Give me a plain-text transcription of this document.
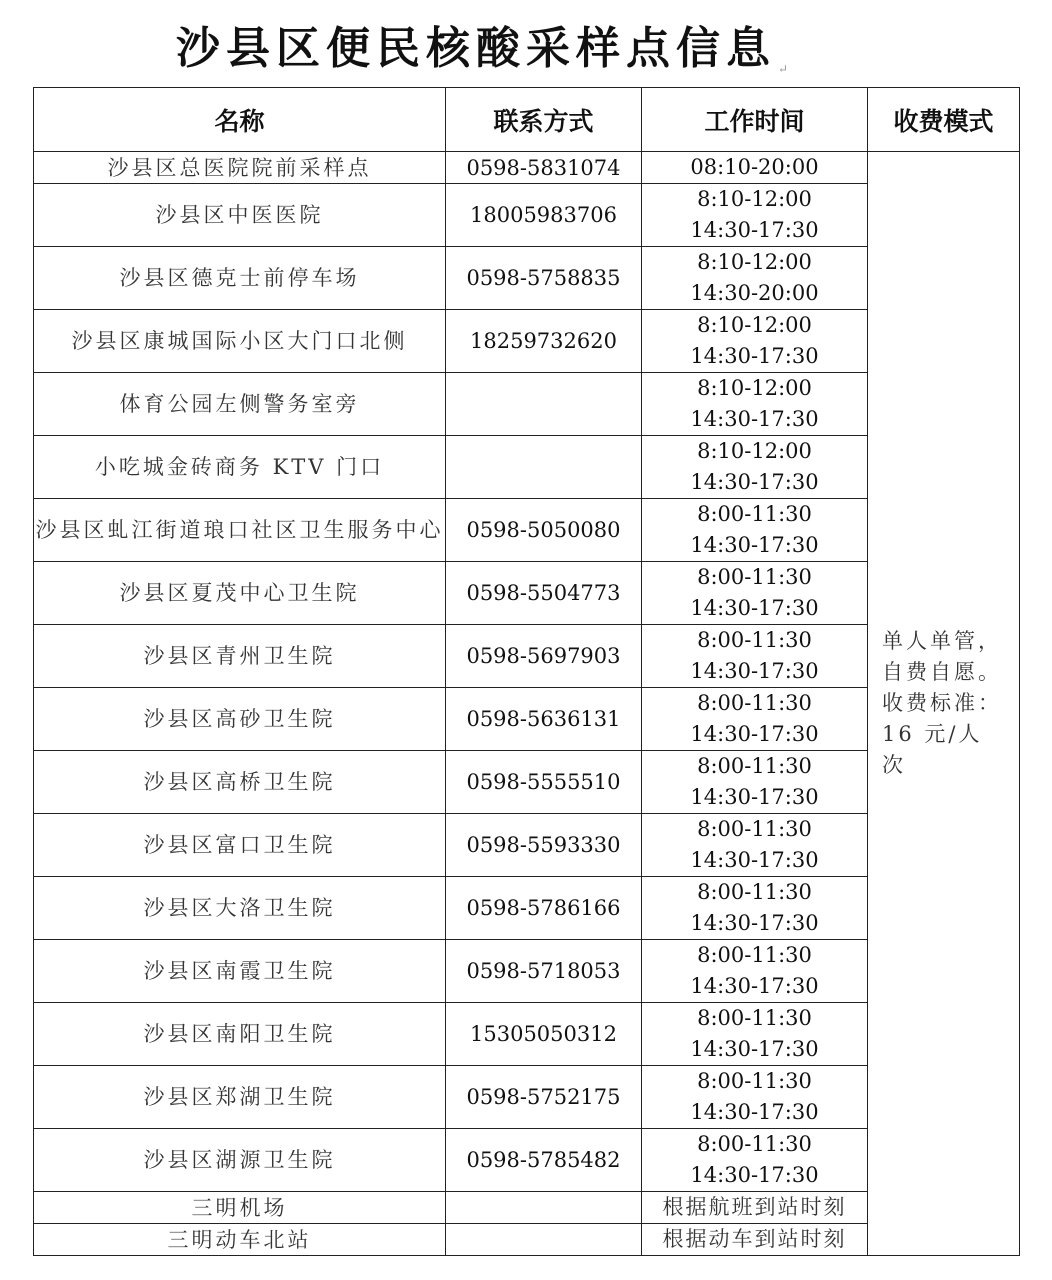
沙县区便民核酸采样点信息 ↵
名称	联系方式	工作时间	收费模式
沙县区总医院院前采样点	0598-5831074	08:10-20:00	单人单管，自费自愿。收费标准：16 元/人次

沙县区中医医院	18005983706	8:10-12:00
14:30-17:30	

沙县区德克士前停车场	0598-5758835	8:10-12:00
14:30-20:00	

沙县区康城国际小区大门口北侧	18259732620	8:10-12:00
14:30-17:30	

体育公园左侧警务室旁		8:10-12:00
14:30-17:30	

小吃城金砖商务 KTV 门口		8:10-12:00
14:30-17:30	

沙县区虬江街道琅口社区卫生服务中心	0598-5050080	8:00-11:30
14:30-17:30	

沙县区夏茂中心卫生院	0598-5504773	8:00-11:30
14:30-17:30	

沙县区青州卫生院	0598-5697903	8:00-11:30
14:30-17:30	

沙县区高砂卫生院	0598-5636131	8:00-11:30
14:30-17:30	

沙县区高桥卫生院	0598-5555510	8:00-11:30
14:30-17:30	

沙县区富口卫生院	0598-5593330	8:00-11:30
14:30-17:30	

沙县区大洛卫生院	0598-5786166	8:00-11:30
14:30-17:30	

沙县区南霞卫生院	0598-5718053	8:00-11:30
14:30-17:30	

沙县区南阳卫生院	15305050312	8:00-11:30
14:30-17:30	

沙县区郑湖卫生院	0598-5752175	8:00-11:30
14:30-17:30	

沙县区湖源卫生院	0598-5785482	8:00-11:30
14:30-17:30	

三明机场		根据航班到站时刻	

三明动车北站		根据动车到站时刻	
